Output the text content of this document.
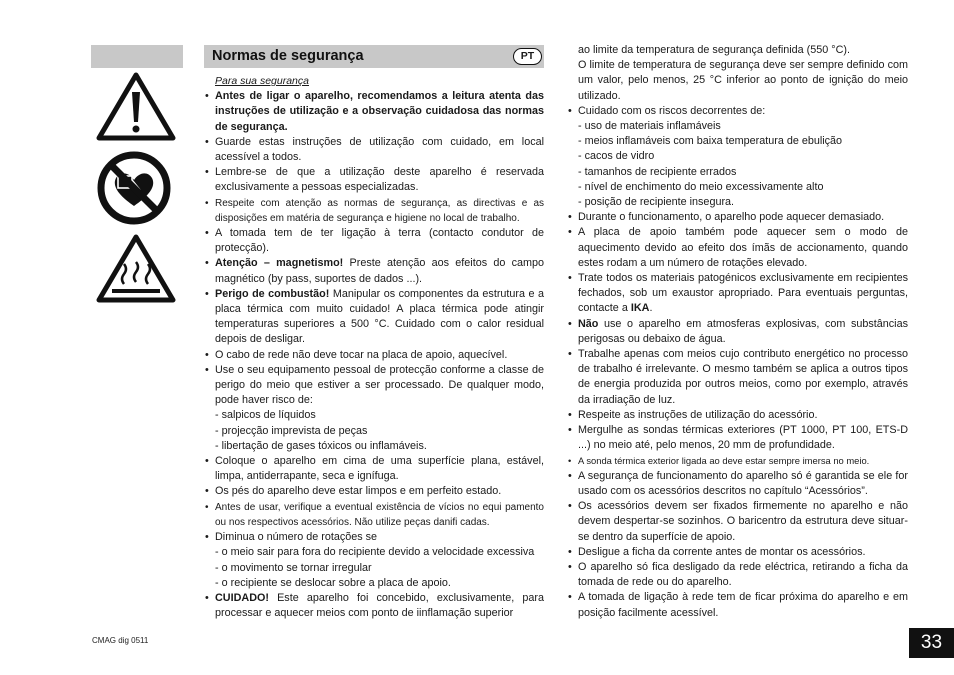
Normas de segurança	PT
Para sua segurança
• Antes de ligar o aparelho, recomendamos a leitura atenta das instruções de utilização e a observação cuidadosa das normas de segurança.
• Guarde estas instruções de utilização com cuidado, em local acessível a todos.
• Lembre-se de que a utilização deste aparelho é reservada exclusivamente a pessoas especializadas.
• Respeite com atenção as normas de segurança, as directivas e as disposições em matéria de segurança e higiene no local de trabalho.
• A tomada tem de ter ligação à terra (contacto condutor de protecção).
• Atenção – magnetismo! Preste atenção aos efeitos do campo magnético (by pass, suportes de dados ...).
• Perigo de combustão! Manipular os componentes da estrutura e a placa térmica com muito cuidado! A placa térmica pode atingir temperaturas superiores a 500 °C. Cuidado com o calor residual depois de desligar.
• O cabo de rede não deve tocar na placa de apoio, aquecível.
• Use o seu equipamento pessoal de protecção conforme a classe de perigo do meio que estiver a ser processado. De qualquer modo, pode haver risco de:
- salpicos de líquidos
- projecção imprevista de peças
- libertação de gases tóxicos ou inflamáveis.
• Coloque o aparelho em cima de uma superfície plana, estável, limpa, antiderrapante, seca e ignífuga.
• Os pés do aparelho deve estar limpos e em perfeito estado.
• Antes de usar, verifique a eventual existência de vícios no equi pamento ou nos respectivos acessórios. Não utilize peças danifi cadas.
• Diminua o número de rotações se
- o meio sair para fora do recipiente devido a velocidade excessiva
- o movimento se tornar irregular
- o recipiente se deslocar sobre a placa de apoio.
• CUIDADO! Este aparelho foi concebido, exclusivamente, para processar e aquecer meios com ponto de iinflamação superior
ao limite da temperatura de segurança definida (550 °C).
O limite de temperatura de segurança deve ser sempre definido com um valor, pelo menos, 25 °C inferior ao ponto de ignição do meio utilizado.
• Cuidado com os riscos decorrentes de:
- uso de materiais inflamáveis
- meios inflamáveis com baixa temperatura de ebulição
- cacos de vidro
- tamanhos de recipiente errados
- nível de enchimento do meio excessivamente alto
- posição de recipiente insegura.
• Durante o funcionamento, o aparelho pode aquecer demasiado.
• A placa de apoio também pode aquecer sem o modo de aquecimento devido ao efeito dos ímãs de accionamento, quando estes rodam a um número de rotações elevado.
• Trate todos os materiais patogénicos exclusivamente em recipientes fechados, sob um exaustor apropriado. Para eventuais perguntas, contacte a IKA.
• Não use o aparelho em atmosferas explosivas, com substâncias perigosas ou debaixo de água.
• Trabalhe apenas com meios cujo contributo energético no processo de trabalho é irrelevante. O mesmo também se aplica a outros tipos de energia produzida por outros meios, como por exemplo, através da irradiação de luz.
• Respeite as instruções de utilização do acessório.
• Mergulhe as sondas térmicas exteriores (PT 1000, PT 100, ETS-D ...) no meio até, pelo menos, 20 mm de profundidade.
• A sonda térmica exterior ligada ao deve estar sempre imersa no meio.
• A segurança de funcionamento do aparelho só é garantida se ele for usado com os acessórios descritos no capítulo “Acessórios”.
• Os acessórios devem ser fixados firmemente no aparelho e não devem despertar-se sozinhos. O baricentro da estrutura deve situar-se dentro da superfície de apoio.
• Desligue a ficha da corrente antes de montar os acessórios.
• O aparelho só fica desligado da rede eléctrica, retirando a ficha da tomada de rede ou do aparelho.
• A tomada de ligação à rede tem de ficar próxima do aparelho e em posição facilmente acessível.
CMAG dig 0511	33
